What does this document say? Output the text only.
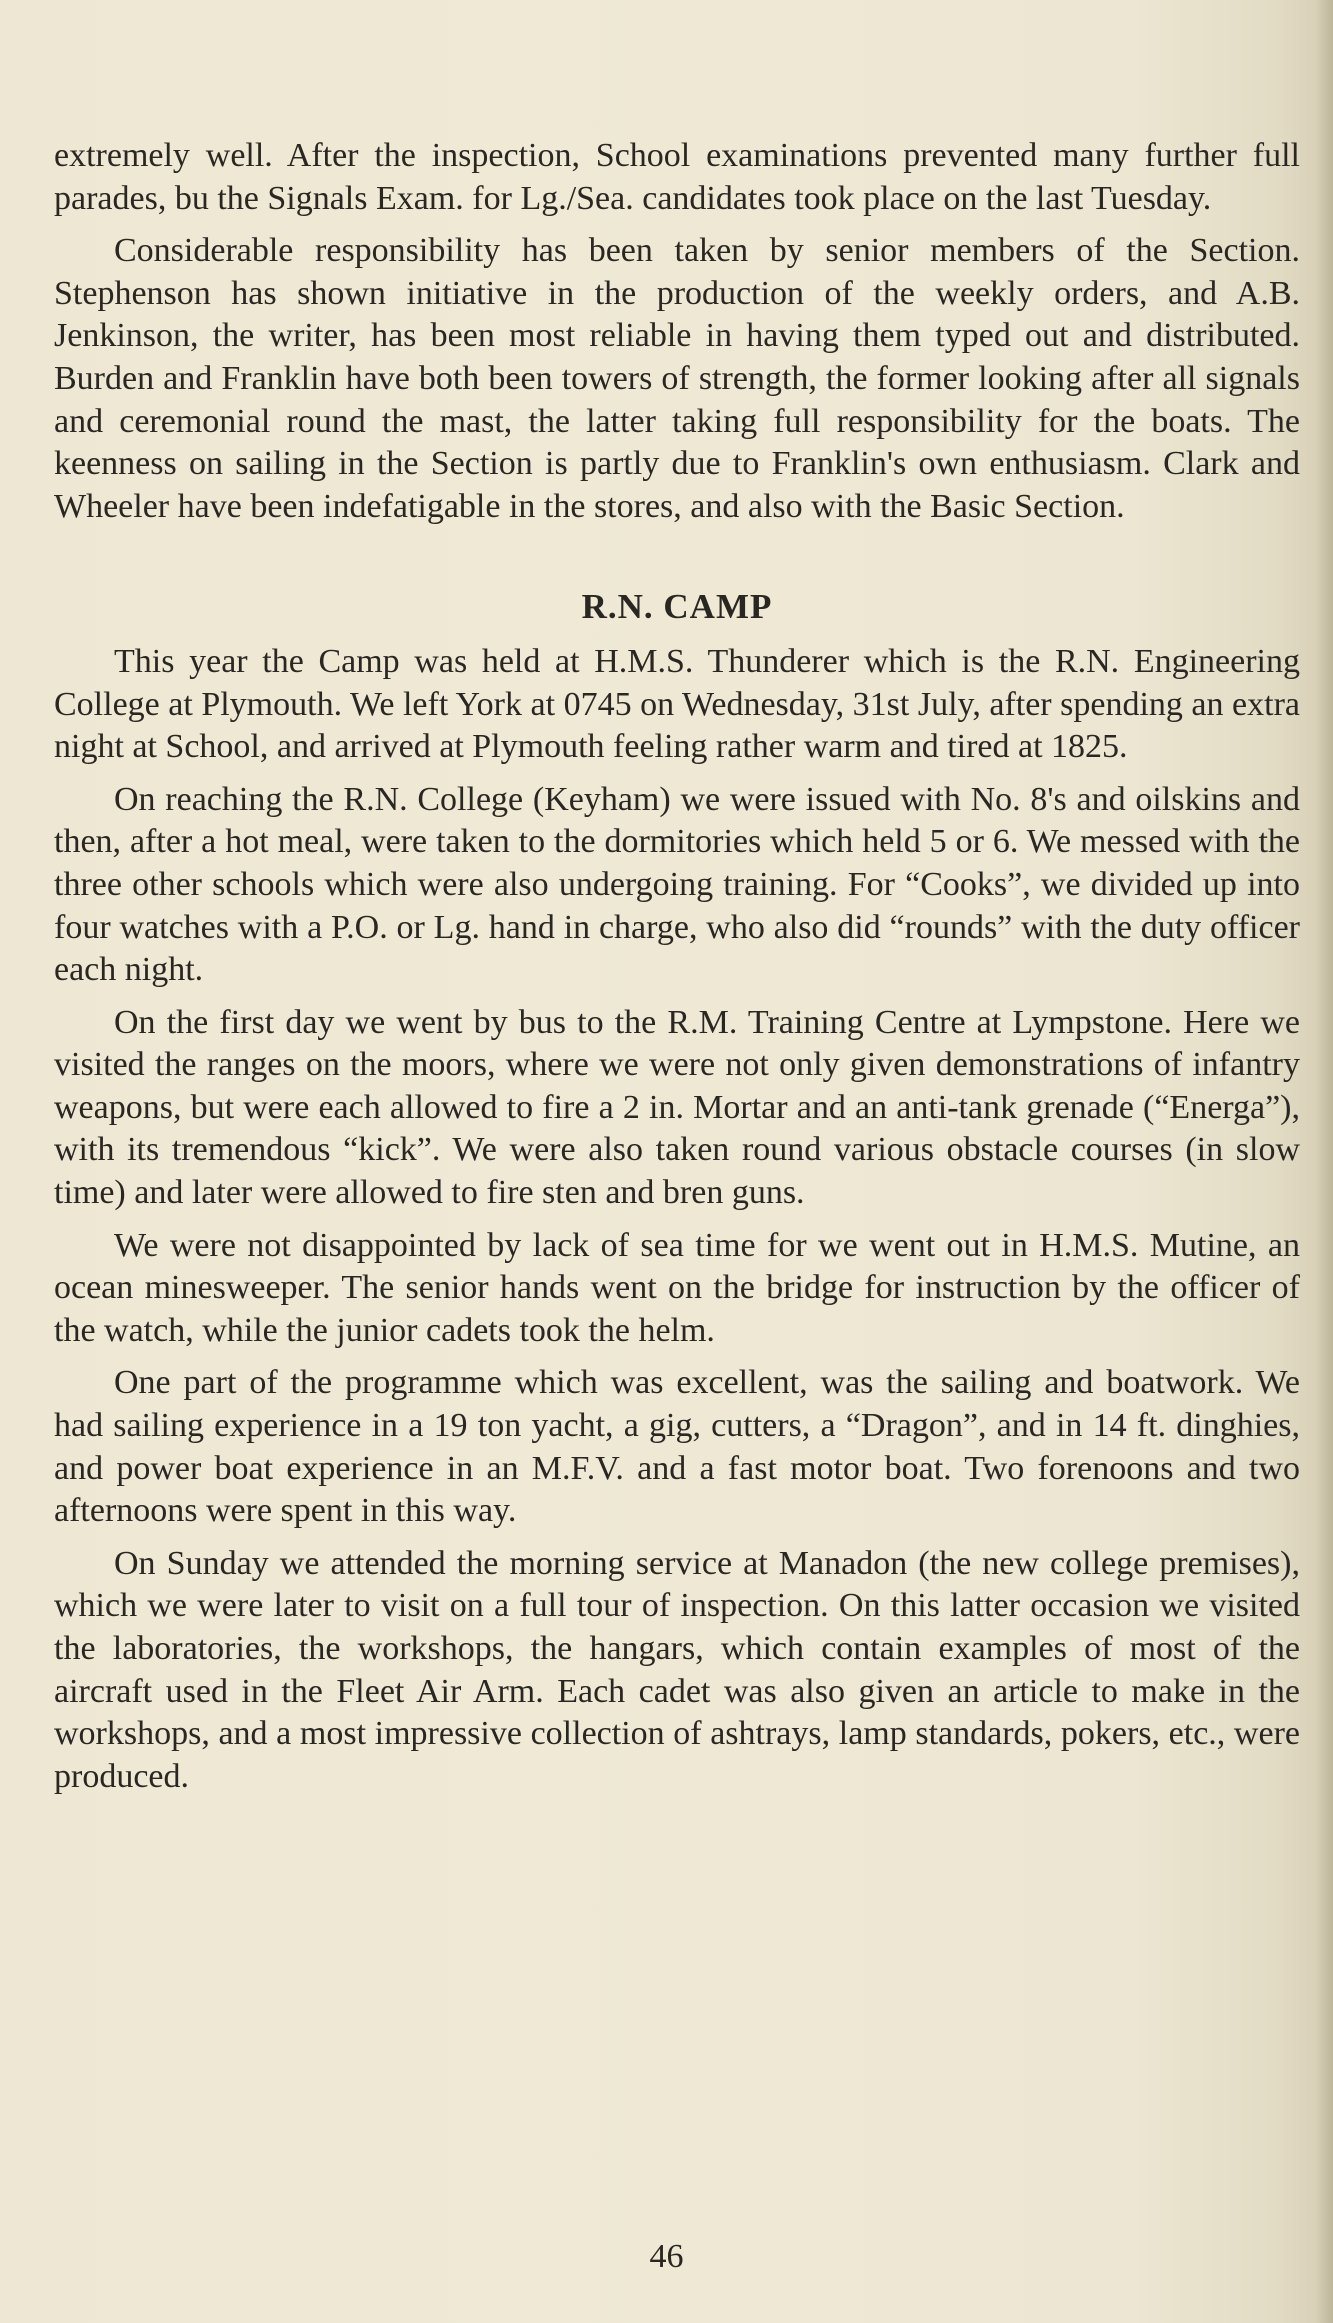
extremely well. After the inspection, School examinations prevented many further full parades, bu the Signals Exam. for Lg./Sea. candidates took place on the last Tuesday.

Considerable responsibility has been taken by senior members of the Section. Stephenson has shown initiative in the production of the weekly orders, and A.B. Jenkinson, the writer, has been most reliable in having them typed out and distributed. Burden and Franklin have both been towers of strength, the former looking after all signals and ceremonial round the mast, the latter taking full responsibility for the boats. The keenness on sailing in the Section is partly due to Franklin's own enthusiasm. Clark and Wheeler have been indefatigable in the stores, and also with the Basic Section.

R.N. CAMP

This year the Camp was held at H.M.S. Thunderer which is the R.N. Engineering College at Plymouth. We left York at 0745 on Wednesday, 31st July, after spending an extra night at School, and arrived at Plymouth feeling rather warm and tired at 1825.

On reaching the R.N. College (Keyham) we were issued with No. 8's and oilskins and then, after a hot meal, were taken to the dormitories which held 5 or 6. We messed with the three other schools which were also undergoing training. For “Cooks”, we divided up into four watches with a P.O. or Lg. hand in charge, who also did “rounds” with the duty officer each night.

On the first day we went by bus to the R.M. Training Centre at Lympstone. Here we visited the ranges on the moors, where we were not only given demonstrations of infantry weapons, but were each allowed to fire a 2 in. Mortar and an anti-tank grenade (“Energa”), with its tremendous “kick”. We were also taken round various obstacle courses (in slow time) and later were allowed to fire sten and bren guns.

We were not disappointed by lack of sea time for we went out in H.M.S. Mutine, an ocean minesweeper. The senior hands went on the bridge for instruction by the officer of the watch, while the junior cadets took the helm.

One part of the programme which was excellent, was the sailing and boatwork. We had sailing experience in a 19 ton yacht, a gig, cutters, a “Dragon”, and in 14 ft. dinghies, and power boat experience in an M.F.V. and a fast motor boat. Two forenoons and two afternoons were spent in this way.

On Sunday we attended the morning service at Manadon (the new college premises), which we were later to visit on a full tour of inspection. On this latter occasion we visited the laboratories, the workshops, the hangars, which contain examples of most of the aircraft used in the Fleet Air Arm. Each cadet was also given an article to make in the workshops, and a most impressive collection of ashtrays, lamp standards, pokers, etc., were produced.

46
